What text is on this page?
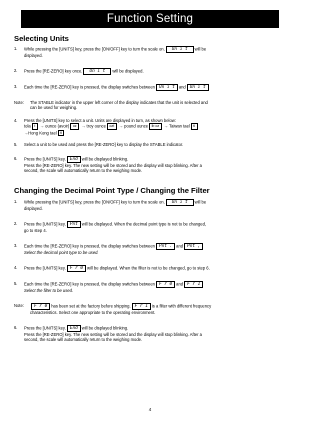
Function Setting
Selecting Units
1.	While pressing the [UNITS] key, press the [ON/OFF] key to turn the scale on. Un i t will be
displayed.
2.	Press the [RE-ZERO] key once. Un i t will be displayed.
3.	Each time the [RE-ZERO] key is pressed, the display switches between Un i t and Un i t
Note: The STABLE indicator in the upper left corner of the display indicates that the unit is selected and
can be used for weighing.
4.	Press the [UNITS] key to select a unit. Units are displayed in turn, as shown below:
tola t → ounce (avoir) oz → troy ounce ozt → pound ounce lb oz → Taiwan tael tl
→Hong Kong tael tl
5.	Select a unit to be used and press the [RE-ZERO] key to display the STABLE indicator.
6.	Press the [UNITS] key. End will be displayed blinking.
Press the [RE-ZERO] key. The new setting will be stored and the display will stop blinking. After a
second, the scale will automatically return to the weighing mode.
Changing the Decimal Point Type / Changing the Filter
1.	While pressing the [UNITS] key, press the [ON/OFF] key to turn the scale on. Un i t will be
displayed.
2.	Press the [UNITS] key. Pnt will be displayed. When the decimal point type is not to be changed,
go to step 4.
3.	Each time the [RE-ZERO] key is pressed, the display switches between Pnt . and Pnt ,
Select the decimal point type to be used.
4.	Press the [UNITS] key. F r 0 will be displayed. When the filter is not to be changed, go to step 6.
5.	Each time the [RE-ZERO] key is pressed, the display switches between F r 0 and F r 1
Select the filter to be used.
Note:	F r 0 has been set at the factory before shipping. F r 1 is a filter with different frequency
characteristics. Select one appropriate to the operating environment.
6.	Press the [UNITS] key. End will be displayed blinking.
Press the [RE-ZERO] key. The new setting will be stored and the display will stop blinking. After a
second, the scale will automatically return to the weighing mode.
4
